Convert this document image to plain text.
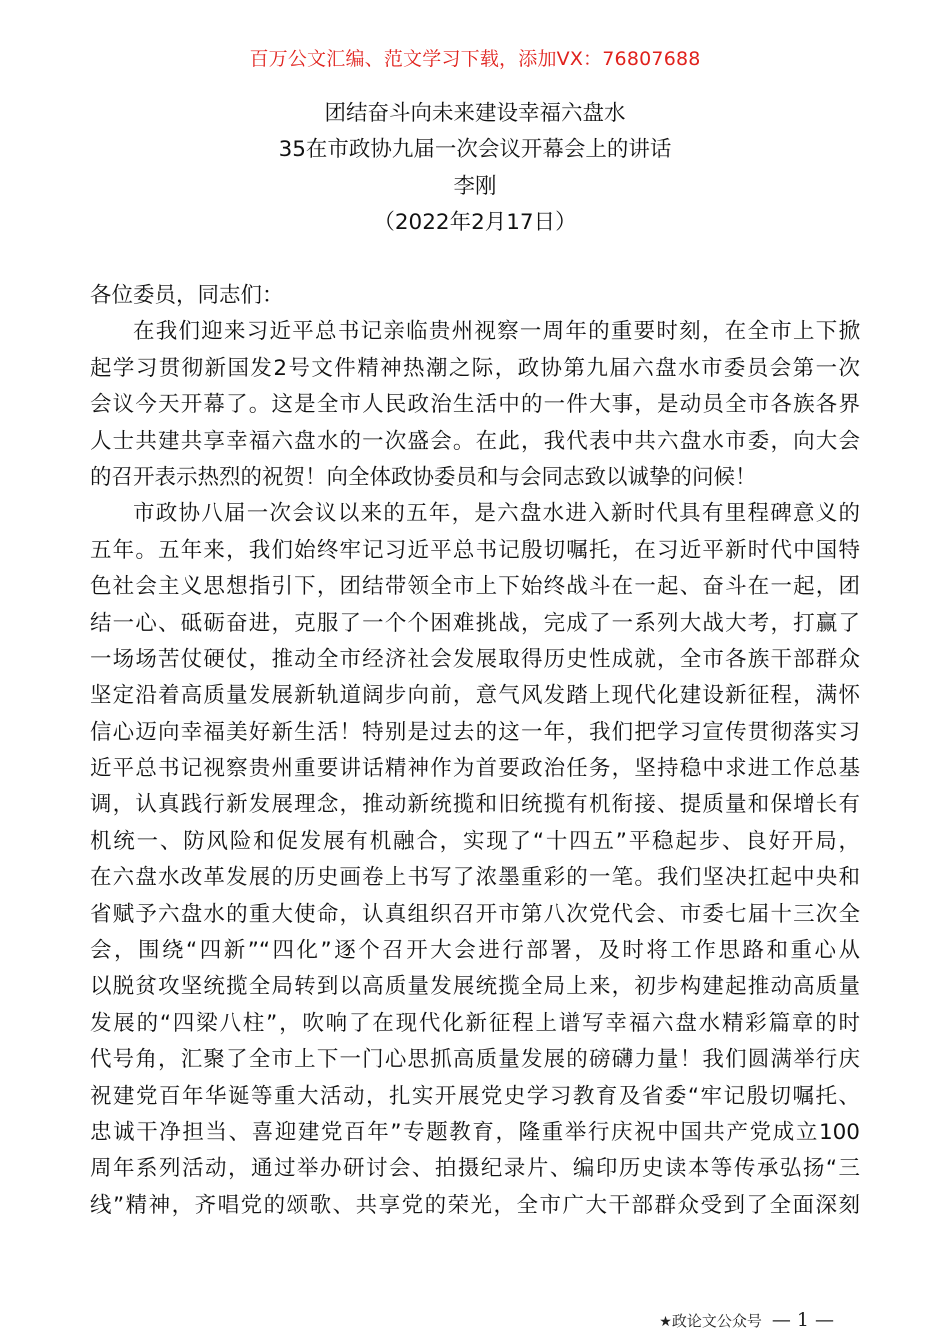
百万公文汇编、范文学习下载，添加VX：76807688
团结奋斗向未来建设幸福六盘水
35在市政协九届一次会议开幕会上的讲话
李刚
（2022年2月17日）
各位委员，同志们：
在我们迎来习近平总书记亲临贵州视察一周年的重要时刻，在全市上下掀
起学习贯彻新国发2号文件精神热潮之际，政协第九届六盘水市委员会第一次
会议今天开幕了。这是全市人民政治生活中的一件大事，是动员全市各族各界
人士共建共享幸福六盘水的一次盛会。在此，我代表中共六盘水市委，向大会
的召开表示热烈的祝贺！向全体政协委员和与会同志致以诚挚的问候！
市政协八届一次会议以来的五年，是六盘水进入新时代具有里程碑意义的
五年。五年来，我们始终牢记习近平总书记殷切嘱托，在习近平新时代中国特
色社会主义思想指引下，团结带领全市上下始终战斗在一起、奋斗在一起，团
结一心、砥砺奋进，克服了一个个困难挑战，完成了一系列大战大考，打赢了
一场场苦仗硬仗，推动全市经济社会发展取得历史性成就，全市各族干部群众
坚定沿着高质量发展新轨道阔步向前，意气风发踏上现代化建设新征程，满怀
信心迈向幸福美好新生活！特别是过去的这一年，我们把学习宣传贯彻落实习
近平总书记视察贵州重要讲话精神作为首要政治任务，坚持稳中求进工作总基
调，认真践行新发展理念，推动新统揽和旧统揽有机衔接、提质量和保增长有
机统一、防风险和促发展有机融合，实现了“十四五”平稳起步、良好开局，
在六盘水改革发展的历史画卷上书写了浓墨重彩的一笔。我们坚决扛起中央和
省赋予六盘水的重大使命，认真组织召开市第八次党代会、市委七届十三次全
会，围绕“四新”“四化”逐个召开大会进行部署，及时将工作思路和重心从
以脱贫攻坚统揽全局转到以高质量发展统揽全局上来，初步构建起推动高质量
发展的“四梁八柱”，吹响了在现代化新征程上谱写幸福六盘水精彩篇章的时
代号角，汇聚了全市上下一门心思抓高质量发展的磅礴力量！我们圆满举行庆
祝建党百年华诞等重大活动，扎实开展党史学习教育及省委“牢记殷切嘱托、
忠诚干净担当、喜迎建党百年”专题教育，隆重举行庆祝中国共产党成立100
周年系列活动，通过举办研讨会、拍摄纪录片、编印历史读本等传承弘扬“三
线”精神，齐唱党的颂歌、共享党的荣光，全市广大干部群众受到了全面深刻
★政论文公众号 — 1 —
